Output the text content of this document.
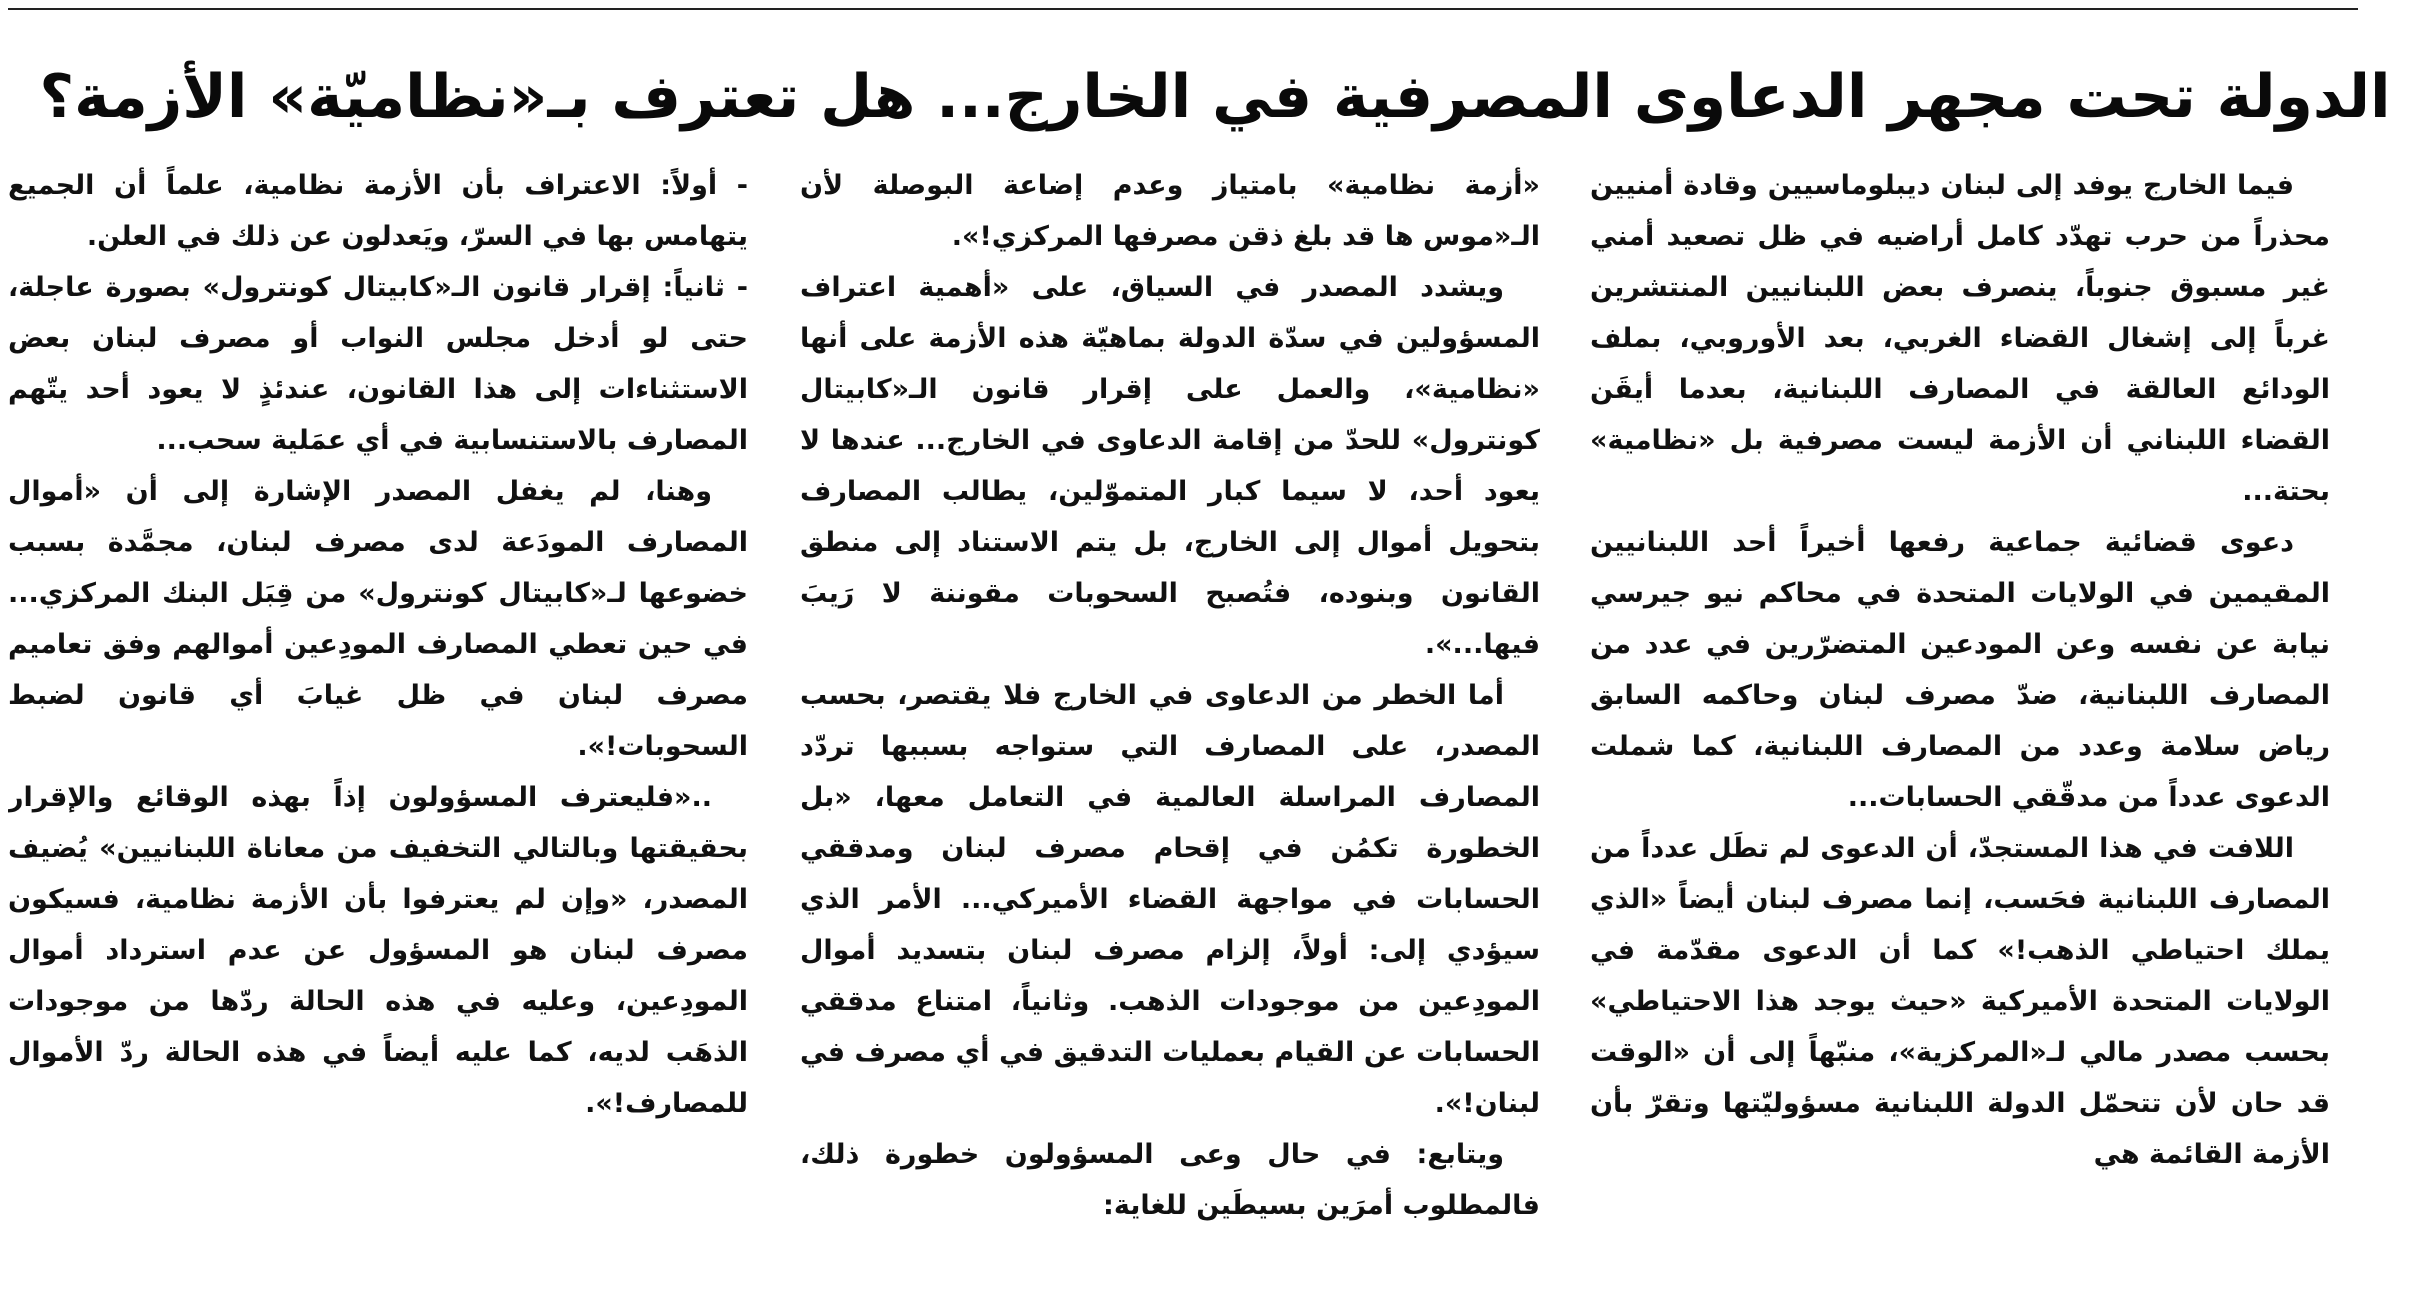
الدولة تحت مجهر الدعاوى المصرفية في الخارج... هل تعترف بـ«نظاميّة» الأزمة؟

فيما الخارج يوفد إلى لبنان ديبلوماسيين وقادة أمنيين محذراً من حرب تهدّد كامل أراضيه في ظل تصعيد أمني غير مسبوق جنوباً، ينصرف بعض اللبنانيين المنتشرين غرباً إلى إشغال القضاء الغربي، بعد الأوروبي، بملف الودائع العالقة في المصارف اللبنانية، بعدما أيقَن القضاء اللبناني أن الأزمة ليست مصرفية بل «نظامية» بحتة...

دعوى قضائية جماعية رفعها أخيراً أحد اللبنانيين المقيمين في الولايات المتحدة في محاكم نيو جيرسي نيابة عن نفسه وعن المودعين المتضرّرين في عدد من المصارف اللبنانية، ضدّ مصرف لبنان وحاكمه السابق رياض سلامة وعدد من المصارف اللبنانية، كما شملت الدعوى عدداً من مدقّقي الحسابات...

اللافت في هذا المستجدّ، أن الدعوى لم تطَل عدداً من المصارف اللبنانية فحَسب، إنما مصرف لبنان أيضاً «الذي يملك احتياطي الذهب!» كما أن الدعوى مقدّمة في الولايات المتحدة الأميركية «حيث يوجد هذا الاحتياطي» بحسب مصدر مالي لـ«المركزية»، منبّهاً إلى أن «الوقت قد حان لأن تتحمّل الدولة اللبنانية مسؤوليّتها وتقرّ بأن الأزمة القائمة هي

«أزمة نظامية» بامتياز وعدم إضاعة البوصلة لأن الـ«موس ها قد بلغ ذقن مصرفها المركزي!».

ويشدد المصدر في السياق، على «أهمية اعتراف المسؤولين في سدّة الدولة بماهيّة هذه الأزمة على أنها «نظامية»، والعمل على إقرار قانون الـ«كابيتال كونترول» للحدّ من إقامة الدعاوى في الخارج... عندها لا يعود أحد، لا سيما كبار المتموّلين، يطالب المصارف بتحويل أموال إلى الخارج، بل يتم الاستناد إلى منطق القانون وبنوده، فتُصبح السحوبات مقوننة لا رَيبَ فيها...».

أما الخطر من الدعاوى في الخارج فلا يقتصر، بحسب المصدر، على المصارف التي ستواجه بسببها تردّد المصارف المراسلة العالمية في التعامل معها، «بل الخطورة تكمُن في إقحام مصرف لبنان ومدققي الحسابات في مواجهة القضاء الأميركي... الأمر الذي سيؤدي إلى: أولاً، إلزام مصرف لبنان بتسديد أموال المودِعين من موجودات الذهب. وثانياً، امتناع مدققي الحسابات عن القيام بعمليات التدقيق في أي مصرف في لبنان!».

ويتابع: في حال وعى المسؤولون خطورة ذلك، فالمطلوب أمرَين بسيطَين للغاية:

- أولاً: الاعتراف بأن الأزمة نظامية، علماً أن الجميع يتهامس بها في السرّ، ويَعدلون عن ذلك في العلن.

- ثانياً: إقرار قانون الـ«كابيتال كونترول» بصورة عاجلة، حتى لو أدخل مجلس النواب أو مصرف لبنان بعض الاستثناءات إلى هذا القانون، عندئذٍ لا يعود أحد يتّهم المصارف بالاستنسابية في أي عمَلية سحب...

وهنا، لم يغفل المصدر الإشارة إلى أن «أموال المصارف المودَعة لدى مصرف لبنان، مجمَّدة بسبب خضوعها لـ«كابيتال كونترول» من قِبَل البنك المركزي... في حين تعطي المصارف المودِعين أموالهم وفق تعاميم مصرف لبنان في ظل غيابَ أي قانون لضبط السحوبات!».

..«فليعترف المسؤولون إذاً بهذه الوقائع والإقرار بحقيقتها وبالتالي التخفيف من معاناة اللبنانيين» يُضيف المصدر، «وإن لم يعترفوا بأن الأزمة نظامية، فسيكون مصرف لبنان هو المسؤول عن عدم استرداد أموال المودِعين، وعليه في هذه الحالة ردّها من موجودات الذهَب لديه، كما عليه أيضاً في هذه الحالة ردّ الأموال للمصارف!».
